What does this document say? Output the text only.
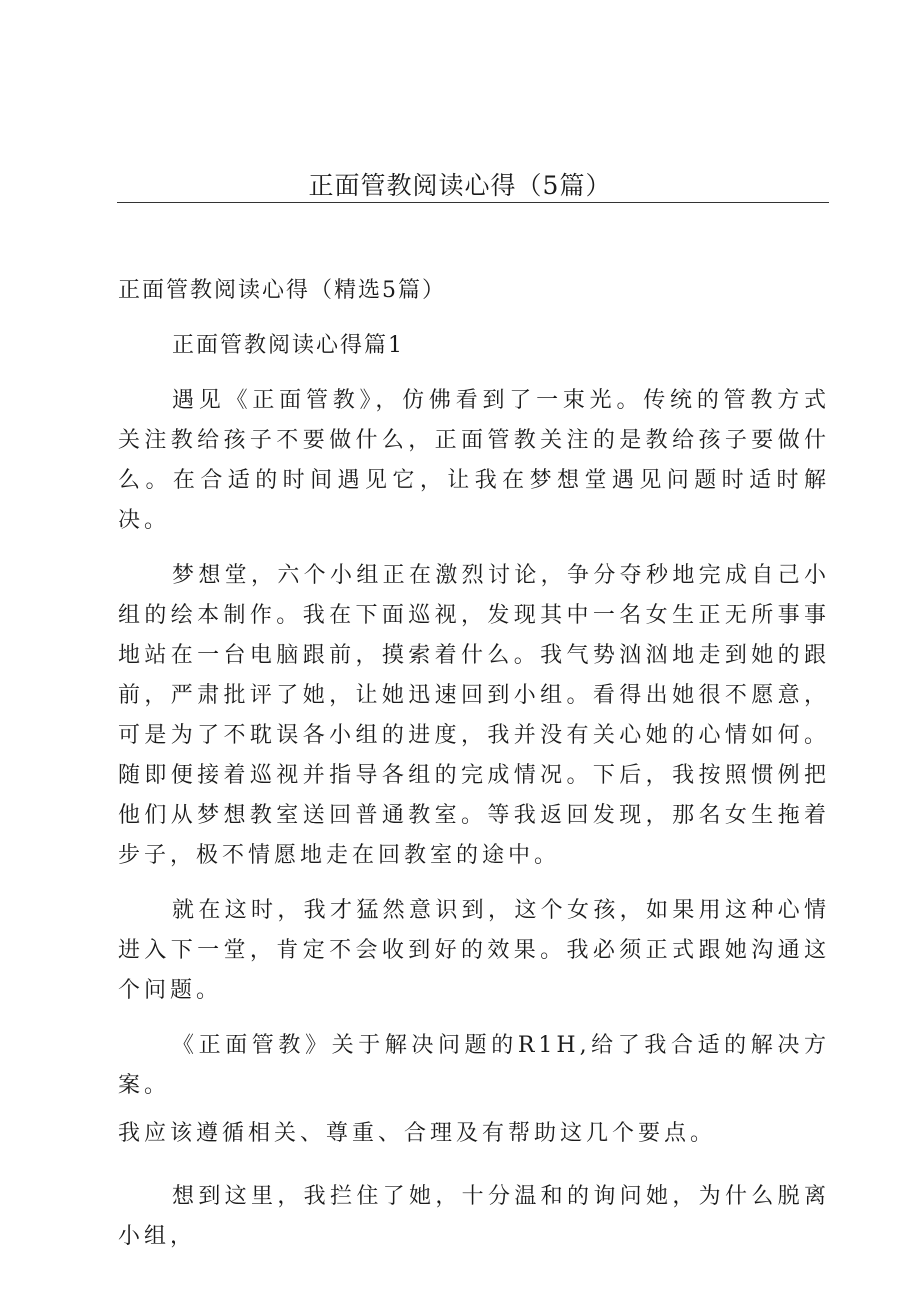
正面管教阅读心得（5篇）

正面管教阅读心得（精选5篇）

正面管教阅读心得篇1

遇见《正面管教》，仿佛看到了一束光。传统的管教方式关注教给孩子不要做什么，正面管教关注的是教给孩子要做什么。在合适的时间遇见它，让我在梦想堂遇见问题时适时解决。

梦想堂，六个小组正在激烈讨论，争分夺秒地完成自己小组的绘本制作。我在下面巡视，发现其中一名女生正无所事事地站在一台电脑跟前，摸索着什么。我气势汹汹地走到她的跟前，严肃批评了她，让她迅速回到小组。看得出她很不愿意，可是为了不耽误各小组的进度，我并没有关心她的心情如何。随即便接着巡视并指导各组的完成情况。下后，我按照惯例把他们从梦想教室送回普通教室。等我返回发现，那名女生拖着步子，极不情愿地走在回教室的途中。

就在这时，我才猛然意识到，这个女孩，如果用这种心情进入下一堂，肯定不会收到好的效果。我必须正式跟她沟通这个问题。

《正面管教》关于解决问题的R1H,给了我合适的解决方案。

我应该遵循相关、尊重、合理及有帮助这几个要点。

想到这里，我拦住了她，十分温和的询问她，为什么脱离小组，
